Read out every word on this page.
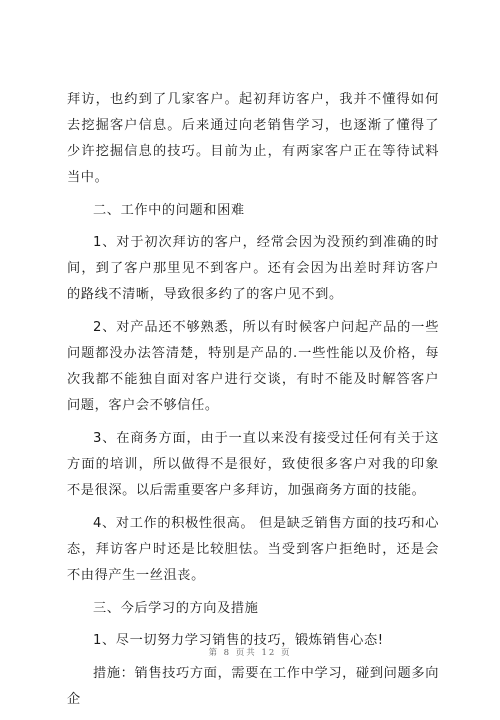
拜访，也约到了几家客户。起初拜访客户，我并不懂得如何去挖掘客户信息。后来通过向老销售学习，也逐渐了懂得了少许挖掘信息的技巧。目前为止，有两家客户正在等待试料当中。

二、工作中的问题和困难

1、对于初次拜访的客户，经常会因为没预约到准确的时间，到了客户那里见不到客户。还有会因为出差时拜访客户的路线不清晰，导致很多约了的客户见不到。

2、对产品还不够熟悉，所以有时候客户问起产品的一些问题都没办法答清楚，特别是产品的.一些性能以及价格，每次我都不能独自面对客户进行交谈，有时不能及时解答客户问题，客户会不够信任。

3、在商务方面，由于一直以来没有接受过任何有关于这方面的培训，所以做得不是很好，致使很多客户对我的印象不是很深。以后需重要客户多拜访，加强商务方面的技能。

4、对工作的积极性很高。 但是缺乏销售方面的技巧和心态，拜访客户时还是比较胆怯。当受到客户拒绝时，还是会不由得产生一丝沮丧。

三、今后学习的方向及措施

1、尽一切努力学习销售的技巧，锻炼销售心态!

措施：销售技巧方面，需要在工作中学习，碰到问题多向企

第 8 页共 12 页
